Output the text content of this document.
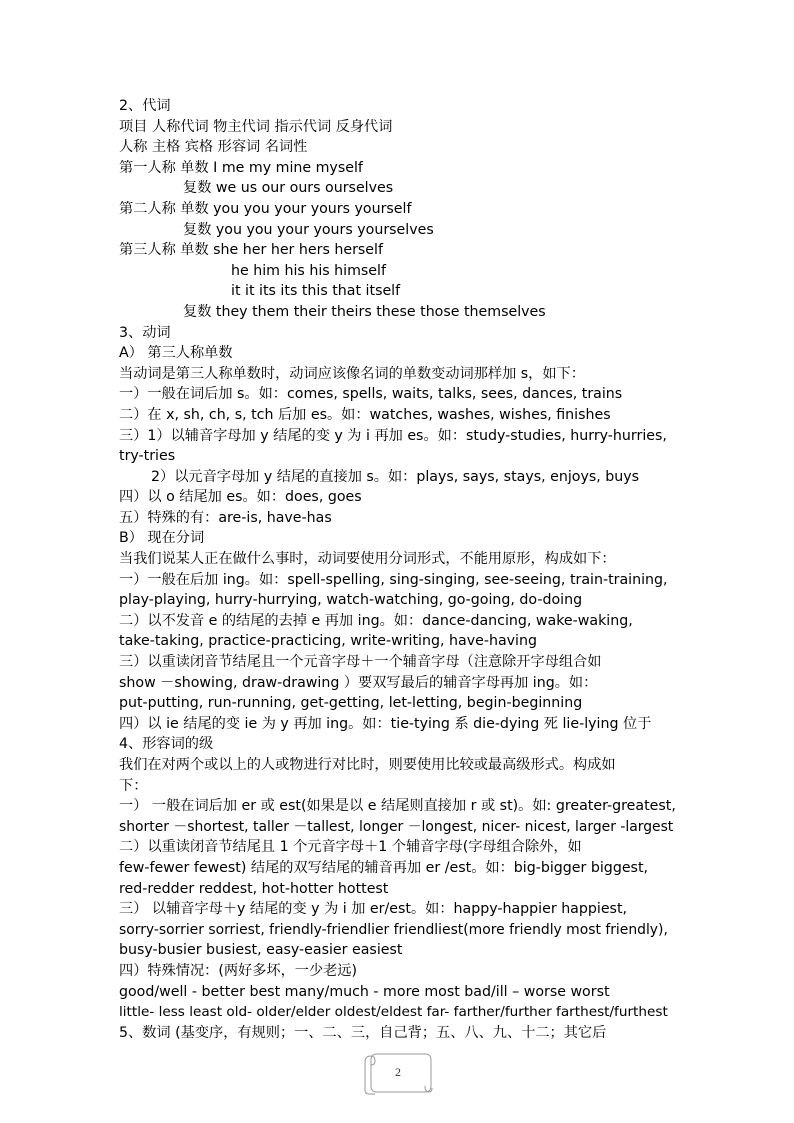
2、代词
项目 人称代词 物主代词 指示代词 反身代词
人称 主格 宾格 形容词 名词性
第一人称 单数 I me my mine myself
复数 we us our ours ourselves
第二人称 单数 you you your yours yourself
复数 you you your yours yourselves
第三人称 单数 she her her hers herself
he him his his himself
it it its its this that itself
复数 they them their theirs these those themselves
3、动词
A） 第三人称单数
当动词是第三人称单数时，动词应该像名词的单数变动词那样加 s，如下：
一）一般在词后加 s。如：comes, spells, waits, talks, sees, dances, trains
二）在 x, sh, ch, s, tch 后加 es。如：watches, washes, wishes, finishes
三）1）以辅音字母加 y 结尾的变 y 为 i 再加 es。如：study-studies, hurry-hurries,
try-tries
2）以元音字母加 y 结尾的直接加 s。如：plays, says, stays, enjoys, buys
四）以 o 结尾加 es。如：does, goes
五）特殊的有：are-is, have-has
B） 现在分词
当我们说某人正在做什么事时，动词要使用分词形式，不能用原形，构成如下：
一）一般在后加 ing。如：spell-spelling, sing-singing, see-seeing, train-training,
play-playing, hurry-hurrying, watch-watching, go-going, do-doing
二）以不发音 e 的结尾的去掉 e 再加 ing。如：dance-dancing, wake-waking,
take-taking, practice-practicing, write-writing, have-having
三）以重读闭音节结尾且一个元音字母＋一个辅音字母（注意除开字母组合如
show －showing, draw-drawing ）要双写最后的辅音字母再加 ing。如：
put-putting, run-running, get-getting, let-letting, begin-beginning
四）以 ie 结尾的变 ie 为 y 再加 ing。如：tie-tying 系 die-dying 死 lie-lying 位于
4、形容词的级
我们在对两个或以上的人或物进行对比时，则要使用比较或最高级形式。构成如
下：
一） 一般在词后加 er 或 est(如果是以 e 结尾则直接加 r 或 st)。如: greater-greatest,
shorter －shortest, taller －tallest, longer －longest, nicer- nicest, larger -largest
二）以重读闭音节结尾且 1 个元音字母＋1 个辅音字母(字母组合除外，如
few-fewer fewest) 结尾的双写结尾的辅音再加 er /est。如：big-bigger biggest,
red-redder reddest, hot-hotter hottest
三） 以辅音字母＋y 结尾的变 y 为 i 加 er/est。如：happy-happier happiest,
sorry-sorrier sorriest, friendly-friendlier friendliest(more friendly most friendly),
busy-busier busiest, easy-easier easiest
四）特殊情况：(两好多坏，一少老远)
good/well - better best many/much - more most bad/ill – worse worst
little- less least old- older/elder oldest/eldest far- farther/further farthest/furthest
5、数词 (基变序，有规则；一、二、三，自己背；五、八、九、十二；其它后
2
